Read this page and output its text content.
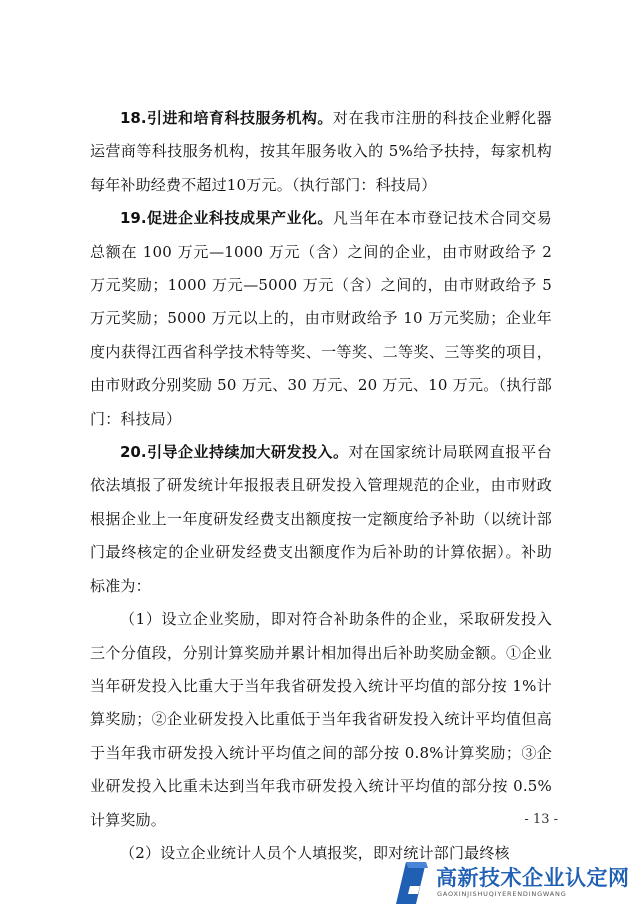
18.引进和培育科技服务机构。对在我市注册的科技企业孵化器运营商等科技服务机构，按其年服务收入的 5%给予扶持，每家机构每年补助经费不超过10万元。（执行部门：科技局）

19.促进企业科技成果产业化。凡当年在本市登记技术合同交易总额在 100 万元—1000 万元（含）之间的企业，由市财政给予 2 万元奖励；1000 万元—5000 万元（含）之间的，由市财政给予 5 万元奖励；5000 万元以上的，由市财政给予 10 万元奖励；企业年度内获得江西省科学技术特等奖、一等奖、二等奖、三等奖的项目，由市财政分别奖励 50 万元、30 万元、20 万元、10 万元。（执行部门：科技局）

20.引导企业持续加大研发投入。对在国家统计局联网直报平台依法填报了研发统计年报报表且研发投入管理规范的企业，由市财政根据企业上一年度研发经费支出额度按一定额度给予补助（以统计部门最终核定的企业研发经费支出额度作为后补助的计算依据）。补助标准为：

（1）设立企业奖励，即对符合补助条件的企业，采取研发投入三个分值段，分别计算奖励并累计相加得出后补助奖励金额。①企业当年研发投入比重大于当年我省研发投入统计平均值的部分按 1%计算奖励；②企业研发投入比重低于当年我省研发投入统计平均值但高于当年我市研发投入统计平均值之间的部分按 0.8%计算奖励；③企业研发投入比重未达到当年我市研发投入统计平均值的部分按 0.5%计算奖励。

（2）设立企业统计人员个人填报奖，即对统计部门最终核

- 13 -
高新技术企业认定网
GAOXINJISHUQIYERENDINGWANG
